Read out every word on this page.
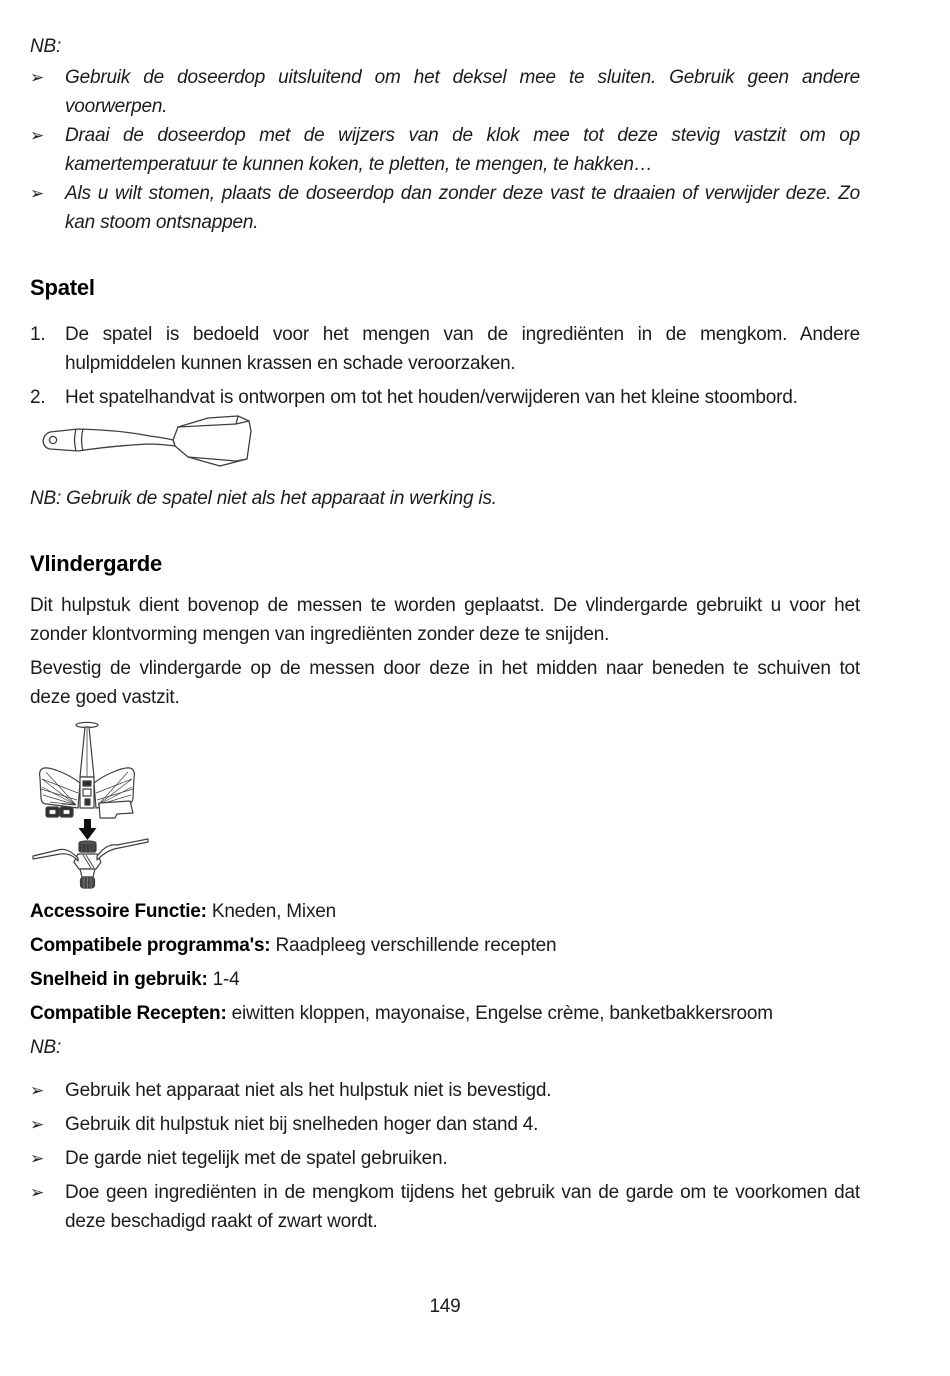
NB:
➢ Gebruik de doseerdop uitsluitend om het deksel mee te sluiten. Gebruik geen andere
voorwerpen.
➢ Draai de doseerdop met de wijzers van de klok mee tot deze stevig vastzit om op
kamertemperatuur te kunnen koken, te pletten, te mengen, te hakken…
➢ Als u wilt stomen, plaats de doseerdop dan zonder deze vast te draaien of verwijder deze. Zo
kan stoom ontsnappen.
Spatel
1. De spatel is bedoeld voor het mengen van de ingrediënten in de mengkom. Andere
hulpmiddelen kunnen krassen en schade veroorzaken.
2. Het spatelhandvat is ontworpen om tot het houden/verwijderen van het kleine stoombord.
NB: Gebruik de spatel niet als het apparaat in werking is.
Vlindergarde

Dit hulpstuk dient bovenop de messen te worden geplaatst. De vlindergarde gebruikt u voor het
zonder klontvorming mengen van ingrediënten zonder deze te snijden.

Bevestig de vlindergarde op de messen door deze in het midden naar beneden te schuiven tot
deze goed vastzit.

Accessoire Functie: Kneden, Mixen
Compatibele programma's: Raadpleeg verschillende recepten
Snelheid in gebruik: 1-4
Compatible Recepten: eiwitten kloppen, mayonaise, Engelse crème, banketbakkersroom
NB:
➢ Gebruik het apparaat niet als het hulpstuk niet is bevestigd.
➢ Gebruik dit hulpstuk niet bij snelheden hoger dan stand 4.
➢ De garde niet tegelijk met de spatel gebruiken.
➢ Doe geen ingrediënten in de mengkom tijdens het gebruik van de garde om te voorkomen dat
deze beschadigd raakt of zwart wordt.
149
